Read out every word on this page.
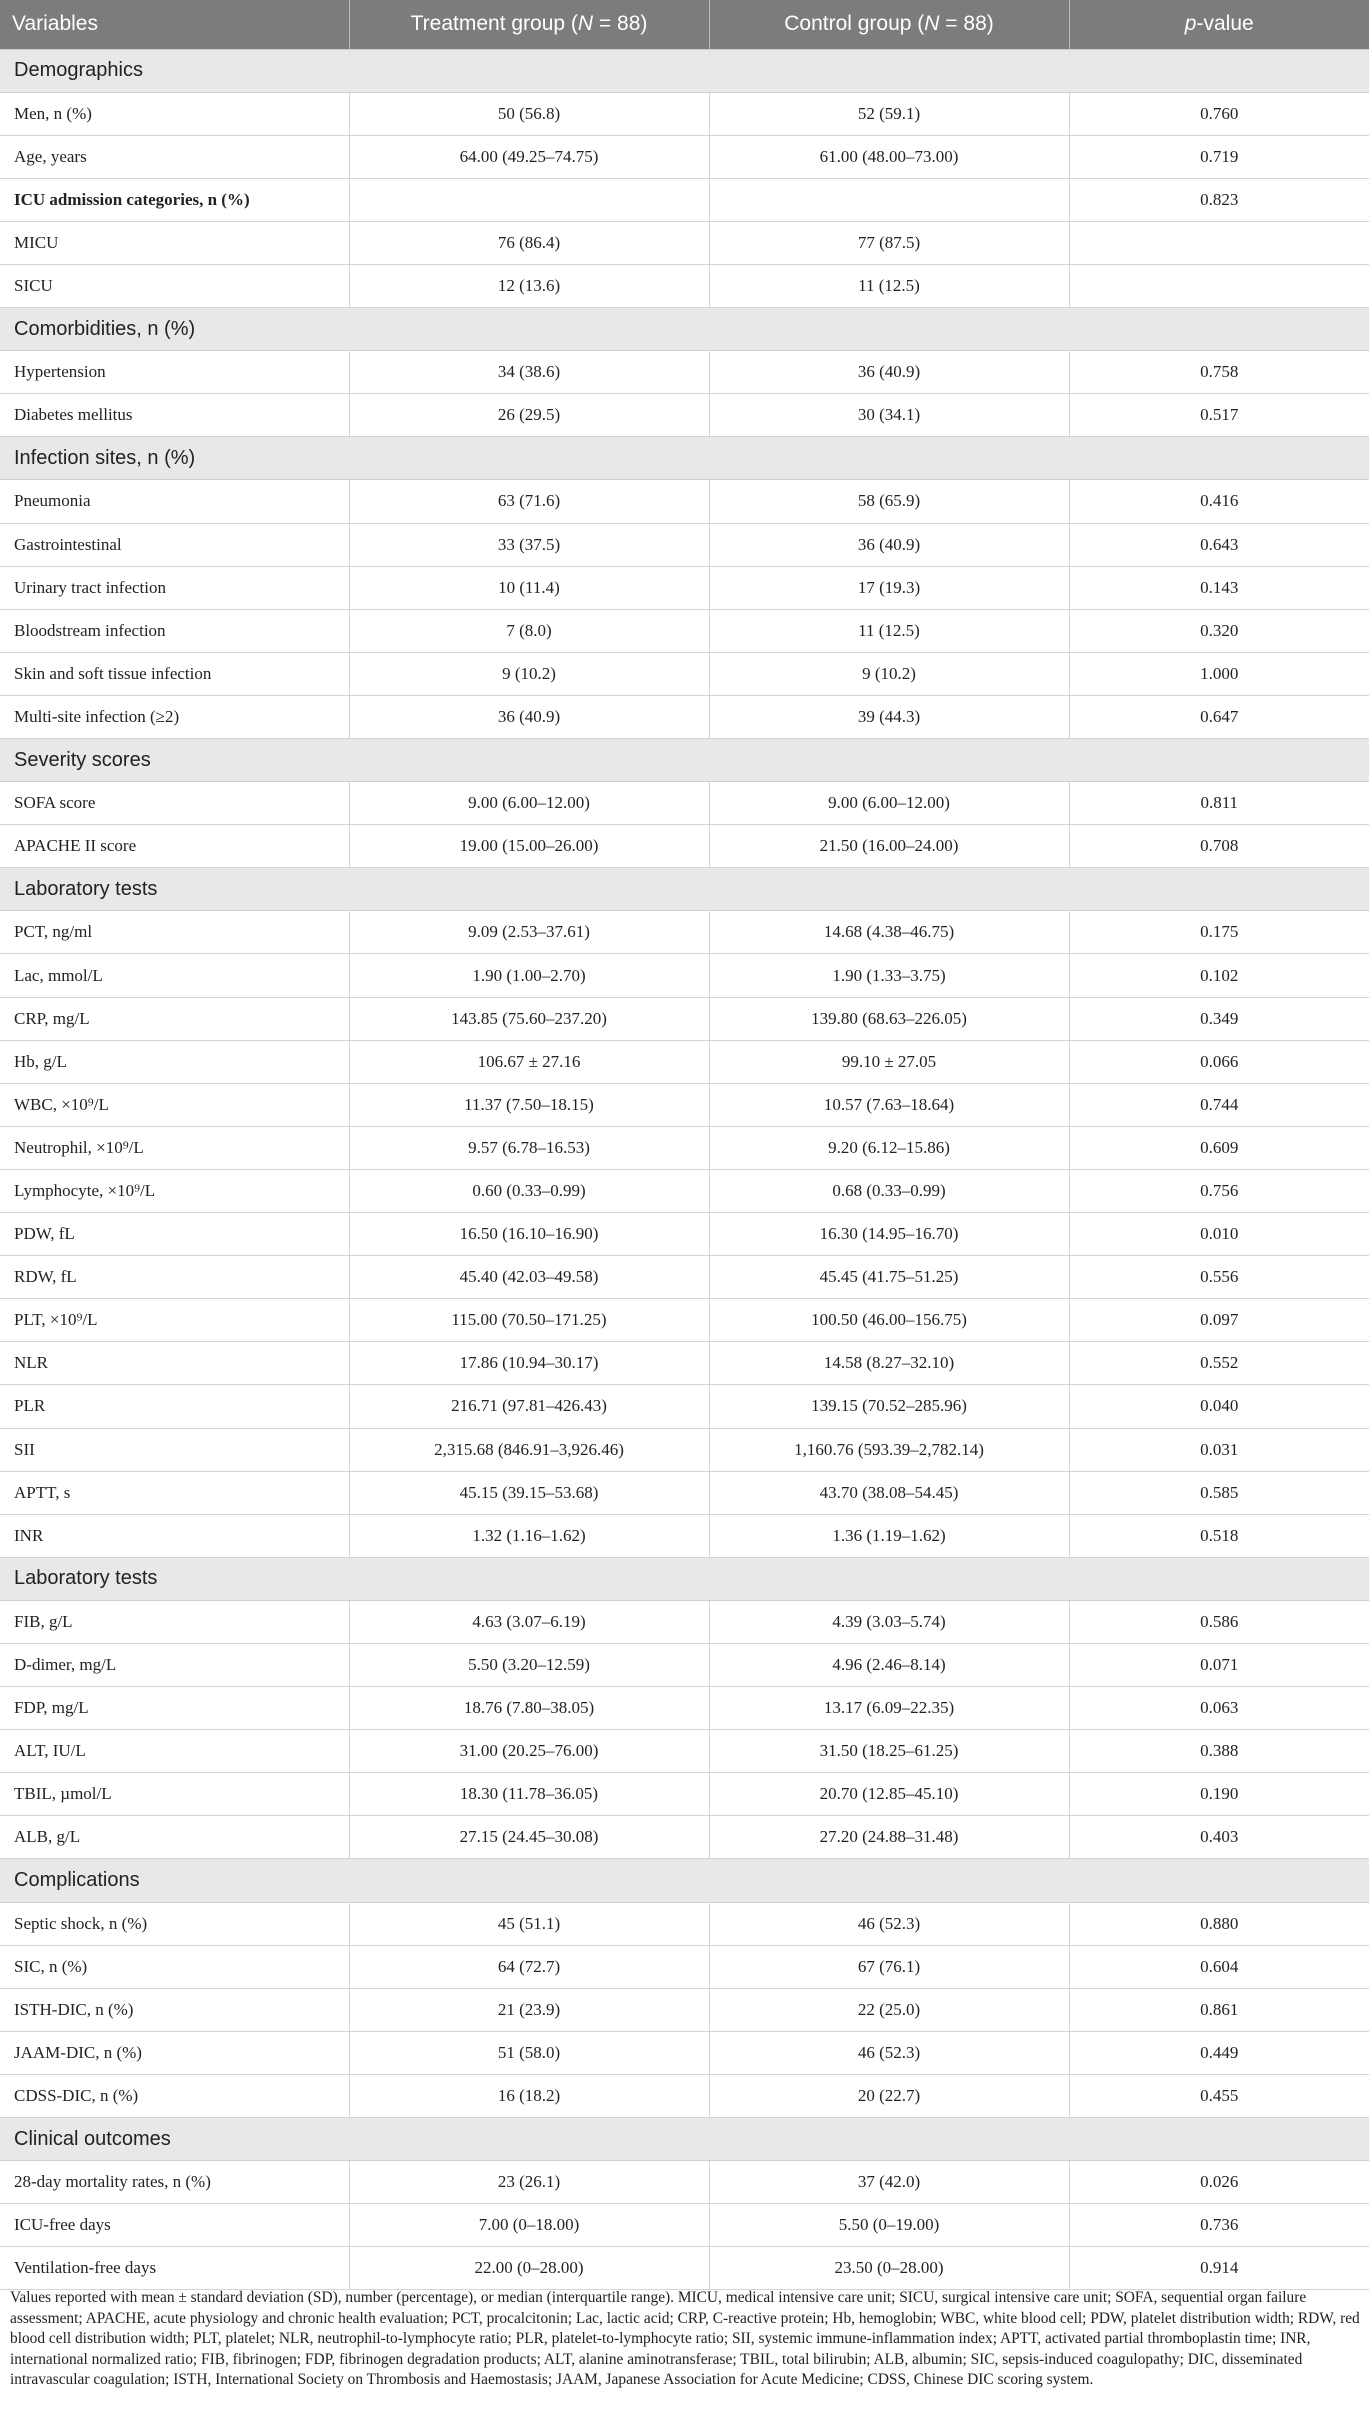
Variables	Treatment group (N = 88)	Control group (N = 88)	p-value
Demographics			
Men, n (%)	50 (56.8)	52 (59.1)	0.760
Age, years	64.00 (49.25–74.75)	61.00 (48.00–73.00)	0.719
ICU admission categories, n (%)			0.823
MICU	76 (86.4)	77 (87.5)	
SICU	12 (13.6)	11 (12.5)	
Comorbidities, n (%)			
Hypertension	34 (38.6)	36 (40.9)	0.758
Diabetes mellitus	26 (29.5)	30 (34.1)	0.517
Infection sites, n (%)			
Pneumonia	63 (71.6)	58 (65.9)	0.416
Gastrointestinal	33 (37.5)	36 (40.9)	0.643
Urinary tract infection	10 (11.4)	17 (19.3)	0.143
Bloodstream infection	7 (8.0)	11 (12.5)	0.320
Skin and soft tissue infection	9 (10.2)	9 (10.2)	1.000
Multi-site infection (≥2)	36 (40.9)	39 (44.3)	0.647
Severity scores			
SOFA score	9.00 (6.00–12.00)	9.00 (6.00–12.00)	0.811
APACHE II score	19.00 (15.00–26.00)	21.50 (16.00–24.00)	0.708
Laboratory tests			
PCT, ng/ml	9.09 (2.53–37.61)	14.68 (4.38–46.75)	0.175
Lac, mmol/L	1.90 (1.00–2.70)	1.90 (1.33–3.75)	0.102
CRP, mg/L	143.85 (75.60–237.20)	139.80 (68.63–226.05)	0.349
Hb, g/L	106.67 ± 27.16	99.10 ± 27.05	0.066
WBC, ×10⁹/L	11.37 (7.50–18.15)	10.57 (7.63–18.64)	0.744
Neutrophil, ×10⁹/L	9.57 (6.78–16.53)	9.20 (6.12–15.86)	0.609
Lymphocyte, ×10⁹/L	0.60 (0.33–0.99)	0.68 (0.33–0.99)	0.756
PDW, fL	16.50 (16.10–16.90)	16.30 (14.95–16.70)	0.010
RDW, fL	45.40 (42.03–49.58)	45.45 (41.75–51.25)	0.556
PLT, ×10⁹/L	115.00 (70.50–171.25)	100.50 (46.00–156.75)	0.097
NLR	17.86 (10.94–30.17)	14.58 (8.27–32.10)	0.552
PLR	216.71 (97.81–426.43)	139.15 (70.52–285.96)	0.040
SII	2,315.68 (846.91–3,926.46)	1,160.76 (593.39–2,782.14)	0.031
APTT, s	45.15 (39.15–53.68)	43.70 (38.08–54.45)	0.585
INR	1.32 (1.16–1.62)	1.36 (1.19–1.62)	0.518
Laboratory tests			
FIB, g/L	4.63 (3.07–6.19)	4.39 (3.03–5.74)	0.586
D-dimer, mg/L	5.50 (3.20–12.59)	4.96 (2.46–8.14)	0.071
FDP, mg/L	18.76 (7.80–38.05)	13.17 (6.09–22.35)	0.063
ALT, IU/L	31.00 (20.25–76.00)	31.50 (18.25–61.25)	0.388
TBIL, µmol/L	18.30 (11.78–36.05)	20.70 (12.85–45.10)	0.190
ALB, g/L	27.15 (24.45–30.08)	27.20 (24.88–31.48)	0.403
Complications			
Septic shock, n (%)	45 (51.1)	46 (52.3)	0.880
SIC, n (%)	64 (72.7)	67 (76.1)	0.604
ISTH-DIC, n (%)	21 (23.9)	22 (25.0)	0.861
JAAM-DIC, n (%)	51 (58.0)	46 (52.3)	0.449
CDSS-DIC, n (%)	16 (18.2)	20 (22.7)	0.455
Clinical outcomes			
28-day mortality rates, n (%)	23 (26.1)	37 (42.0)	0.026
ICU-free days	7.00 (0–18.00)	5.50 (0–19.00)	0.736
Ventilation-free days	22.00 (0–28.00)	23.50 (0–28.00)	0.914
Values reported with mean ± standard deviation (SD), number (percentage), or median (interquartile range). MICU, medical intensive care unit; SICU, surgical intensive care unit; SOFA, sequential organ failure assessment; APACHE, acute physiology and chronic health evaluation; PCT, procalcitonin; Lac, lactic acid; CRP, C-reactive protein; Hb, hemoglobin; WBC, white blood cell; PDW, platelet distribution width; RDW, red blood cell distribution width; PLT, platelet; NLR, neutrophil-to-lymphocyte ratio; PLR, platelet-to-lymphocyte ratio; SII, systemic immune-inflammation index; APTT, activated partial thromboplastin time; INR, international normalized ratio; FIB, fibrinogen; FDP, fibrinogen degradation products; ALT, alanine aminotransferase; TBIL, total bilirubin; ALB, albumin; SIC, sepsis-induced coagulopathy; DIC, disseminated intravascular coagulation; ISTH, International Society on Thrombosis and Haemostasis; JAAM, Japanese Association for Acute Medicine; CDSS, Chinese DIC scoring system.
